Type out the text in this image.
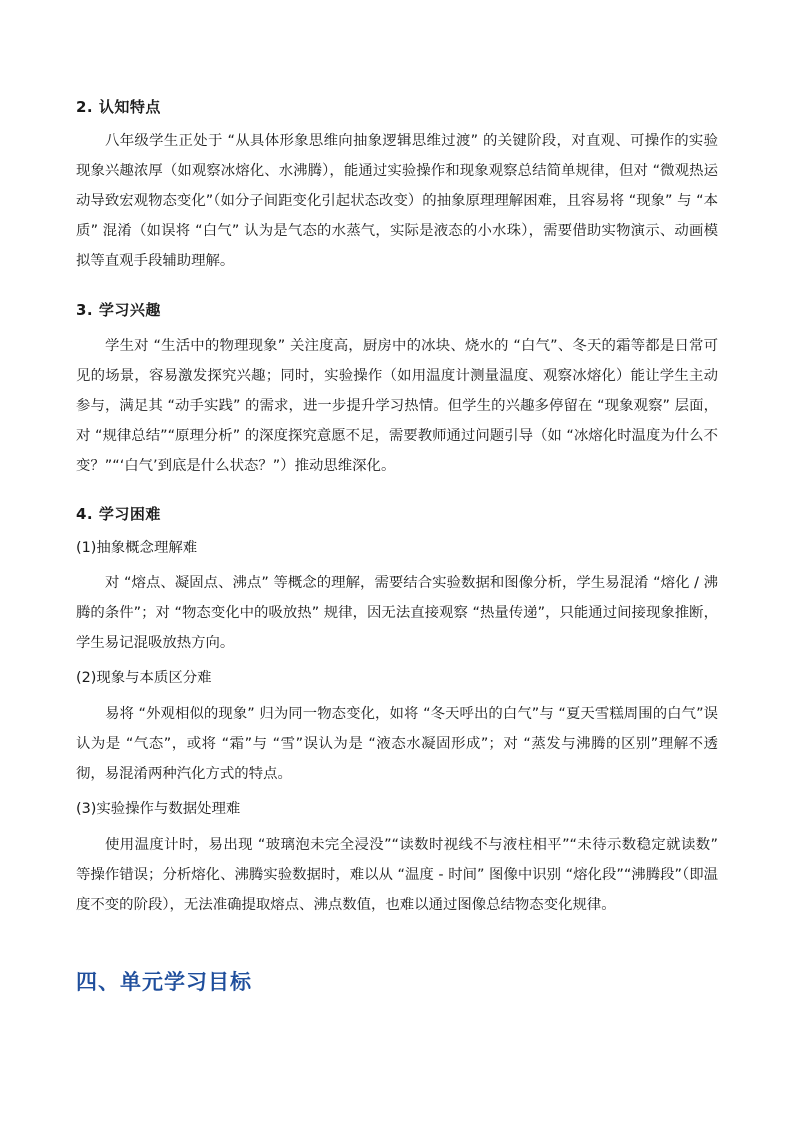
2. 认知特点

八年级学生正处于 “从具体形象思维向抽象逻辑思维过渡” 的关键阶段，对直观、可操作的实验现象兴趣浓厚（如观察冰熔化、水沸腾），能通过实验操作和现象观察总结简单规律，但对 “微观热运动导致宏观物态变化”（如分子间距变化引起状态改变）的抽象原理理解困难，且容易将 “现象” 与 “本质” 混淆（如误将 “白气” 认为是气态的水蒸气，实际是液态的小水珠），需要借助实物演示、动画模拟等直观手段辅助理解。

3. 学习兴趣

学生对 “生活中的物理现象” 关注度高，厨房中的冰块、烧水的 “白气”、冬天的霜等都是日常可见的场景，容易激发探究兴趣；同时，实验操作（如用温度计测量温度、观察冰熔化）能让学生主动参与，满足其 “动手实践” 的需求，进一步提升学习热情。但学生的兴趣多停留在 “现象观察” 层面，对 “规律总结”“原理分析” 的深度探究意愿不足，需要教师通过问题引导（如 “冰熔化时温度为什么不变？”“‘白气’到底是什么状态？”）推动思维深化。

4. 学习困难
(1)抽象概念理解难

对 “熔点、凝固点、沸点” 等概念的理解，需要结合实验数据和图像分析，学生易混淆 “熔化 / 沸腾的条件”；对 “物态变化中的吸放热” 规律，因无法直接观察 “热量传递”，只能通过间接现象推断，学生易记混吸放热方向。

(2)现象与本质区分难

易将 “外观相似的现象” 归为同一物态变化，如将 “冬天呼出的白气”与 “夏天雪糕周围的白气”误认为是 “气态”，或将 “霜”与 “雪”误认为是 “液态水凝固形成”；对 “蒸发与沸腾的区别”理解不透彻，易混淆两种汽化方式的特点。

(3)实验操作与数据处理难

使用温度计时，易出现 “玻璃泡未完全浸没”“读数时视线不与液柱相平”“未待示数稳定就读数” 等操作错误；分析熔化、沸腾实验数据时，难以从 “温度 - 时间” 图像中识别 “熔化段”“沸腾段”（即温度不变的阶段），无法准确提取熔点、沸点数值，也难以通过图像总结物态变化规律。

四、单元学习目标
